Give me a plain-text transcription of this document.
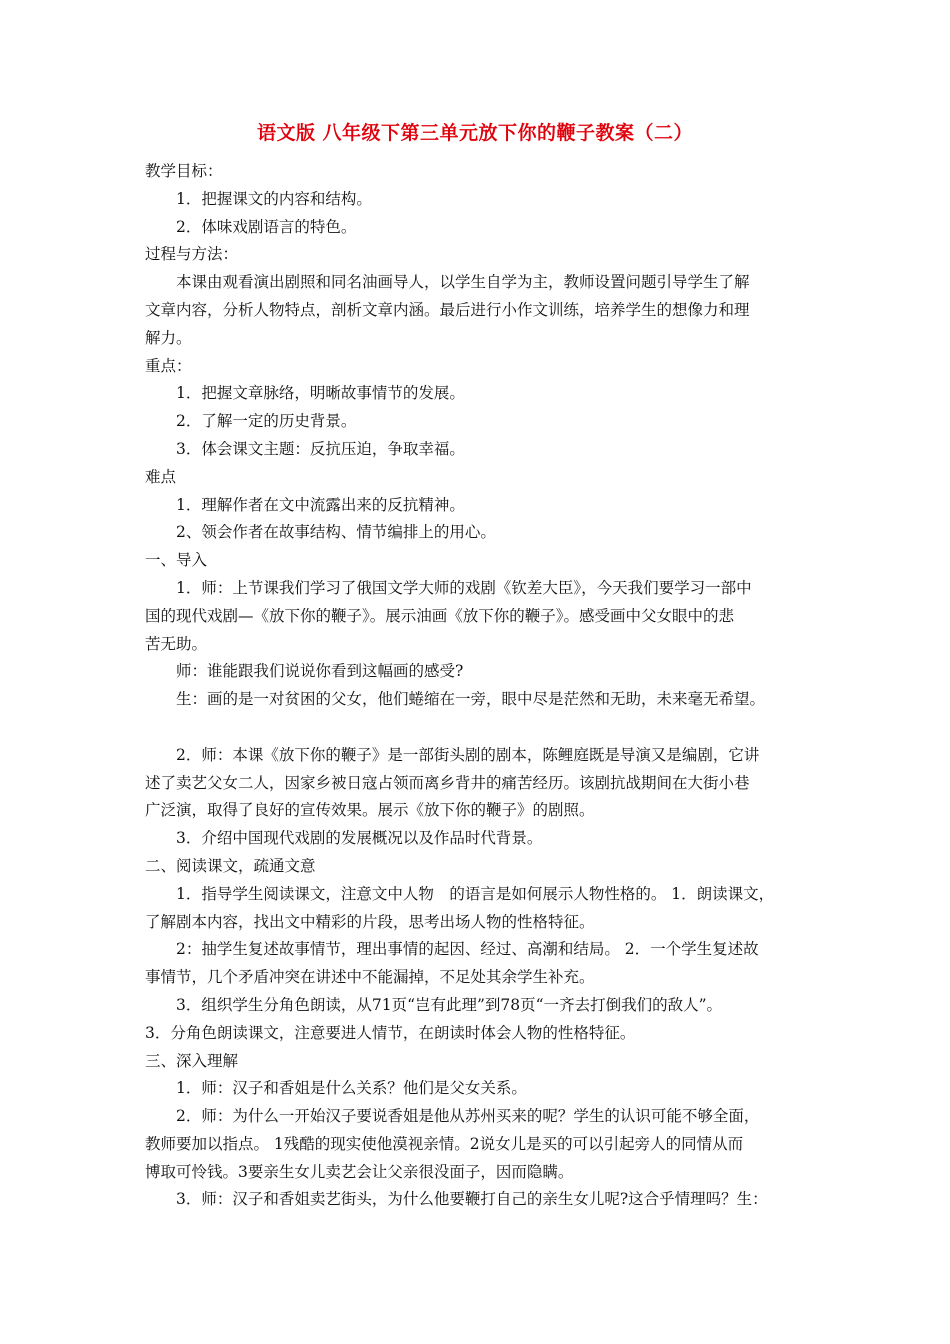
语文版 八年级下第三单元放下你的鞭子教案（二）
教学目标：
1．把握课文的内容和结构。
2．体味戏剧语言的特色。
过程与方法：
本课由观看演出剧照和同名油画导人，以学生自学为主，教师设置问题引导学生了解
文章内容，分析人物特点，剖析文章内涵。最后进行小作文训练，培养学生的想像力和理
解力。
重点：
1．把握文章脉络，明晰故事情节的发展。
2．了解一定的历史背景。
3．体会课文主题：反抗压迫，争取幸福。
难点
1．理解作者在文中流露出来的反抗精神。
2、领会作者在故事结构、情节编排上的用心。
一、导入
1．师：上节课我们学习了俄国文学大师的戏剧《钦差大臣》，今天我们要学习一部中
国的现代戏剧—《放下你的鞭子》。展示油画《放下你的鞭子》。感受画中父女眼中的悲
苦无助。
师：谁能跟我们说说你看到这幅画的感受?
生：画的是一对贫困的父女，他们蜷缩在一旁，眼中尽是茫然和无助，未来毫无希望。
2．师：本课《放下你的鞭子》是一部街头剧的剧本，陈鲤庭既是导演又是编剧，它讲
述了卖艺父女二人，因家乡被日寇占领而离乡背井的痛苦经历。该剧抗战期间在大街小巷
广泛演，取得了良好的宣传效果。展示《放下你的鞭子》的剧照。
3．介绍中国现代戏剧的发展概况以及作品时代背景。
二、阅读课文，疏通文意
1．指导学生阅读课文，注意文中人物　的语言是如何展示人物性格的。 1．朗读课文，
了解剧本内容，找出文中精彩的片段，思考出场人物的性格特征。
2：抽学生复述故事情节，理出事情的起因、经过、高潮和结局。 2．一个学生复述故
事情节，几个矛盾冲突在讲述中不能漏掉，不足处其余学生补充。
3．组织学生分角色朗读，从71页“岂有此理”到78页“一齐去打倒我们的敌人”。
3．分角色朗读课文，注意要进人情节，在朗读时体会人物的性格特征。
三、深入理解
1．师：汉子和香姐是什么关系？他们是父女关系。
2．师：为什么一开始汉子要说香姐是他从苏州买来的呢？学生的认识可能不够全面，
教师要加以指点。 1残酷的现实使他漠视亲情。2说女儿是买的可以引起旁人的同情从而
博取可怜钱。3要亲生女儿卖艺会让父亲很没面子，因而隐瞒。
3．师：汉子和香姐卖艺街头，为什么他要鞭打自己的亲生女儿呢?这合乎情理吗？生：
